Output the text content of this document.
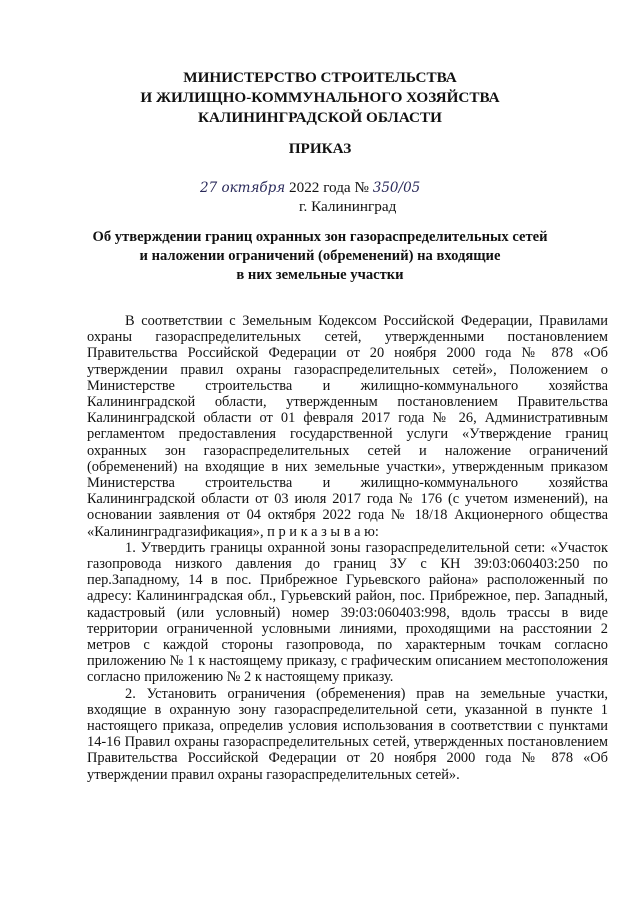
МИНИСТЕРСТВО СТРОИТЕЛЬСТВА
И ЖИЛИЩНО-КОММУНАЛЬНОГО ХОЗЯЙСТВА
КАЛИНИНГРАДСКОЙ ОБЛАСТИ
ПРИКАЗ
27 октября 2022 года № 350/05
г. Калининград
Об утверждении границ охранных зон газораспределительных сетей
и наложении ограничений (обременений) на входящие
в них земельные участки

В соответствии с Земельным Кодексом Российской Федерации, Правилами охраны газораспределительных сетей, утвержденными постановлением Правительства Российской Федерации от 20 ноября 2000 года № 878 «Об утверждении правил охраны газораспределительных сетей», Положением о Министерстве строительства и жилищно-коммунального хозяйства Калининградской области, утвержденным постановлением Правительства Калининградской области от 01 февраля 2017 года № 26, Административным регламентом предоставления государственной услуги «Утверждение границ охранных зон газораспределительных сетей и наложение ограничений (обременений) на входящие в них земельные участки», утвержденным приказом Министерства строительства и жилищно-коммунального хозяйства Калининградской области от 03 июля 2017 года № 176 (с учетом изменений), на основании заявления от 04 октября 2022 года № 18/18 Акционерного общества «Калининградгазификация», п р и к а з ы в а ю:

1. Утвердить границы охранной зоны газораспределительной сети: «Участок газопровода низкого давления до границ ЗУ с КН 39:03:060403:250 по пер.Западному, 14 в пос. Прибрежное Гурьевского района» расположенный по адресу: Калининградская обл., Гурьевский район, пос. Прибрежное, пер. Западный, кадастровый (или условный) номер 39:03:060403:998, вдоль трассы в виде территории ограниченной условными линиями, проходящими на расстоянии 2 метров с каждой стороны газопровода, по характерным точкам согласно приложению № 1 к настоящему приказу, с графическим описанием местоположения согласно приложению № 2 к настоящему приказу.

2. Установить ограничения (обременения) прав на земельные участки, входящие в охранную зону газораспределительной сети, указанной в пункте 1 настоящего приказа, определив условия использования в соответствии с пунктами 14-16 Правил охраны газораспределительных сетей, утвержденных постановлением Правительства Российской Федерации от 20 ноября 2000 года № 878 «Об утверждении правил охраны газораспределительных сетей».
